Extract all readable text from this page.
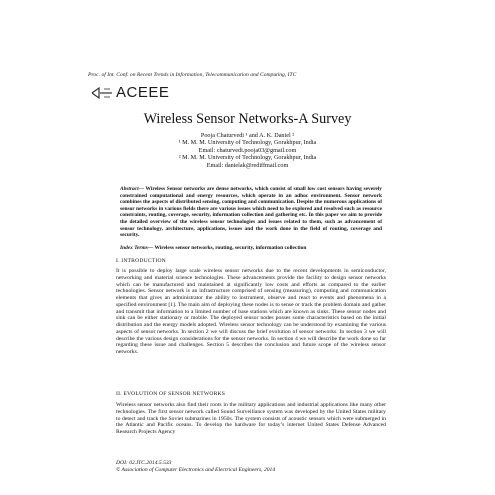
Proc. of Int. Conf. on Recent Trends in Information, Telecommunication and Computing, ITC
ACEEE
Wireless Sensor Networks-A Survey
Pooja Chaturvedi ¹ and A. K. Daniel ²
¹ M. M. M. University of Technology, Gorakhpur, India
Email: chaturvedi.pooja03@gmail.com
² M. M. M. University of Technology, Gorakhpur, India
Email: danielak@rediffmail.com
Abstract— Wireless Sensor networks are dense networks, which consist of small low cost sensors having severely constrained computational and energy resources, which operate in an adhoc environment. Sensor network combines the aspects of distributed sensing, computing and communication. Despite the numerous applications of sensor networks in various fields there are various issues which need to be explored and resolved such as resource constraints, routing, coverage, security, information collection and gathering etc. In this paper we aim to provide the detailed overview of the wireless sensor technologies and issues related to them, such as advancement of sensor technology, architecture, applications, issues and the work done in the field of routing, coverage and security.
Index Terms— Wireless sensor networks, routing, security, information collection
I. INTRODUCTION
It is possible to deploy large scale wireless sensor networks due to the recent developments in semiconductor, networking and material science technologies. These advancements provide the facility to design sensor networks which can be manufactured and maintained at significantly low costs and efforts as compared to the earlier technologies. Sensor network is an infrastructure comprised of sensing (measuring), computing and communication elements that gives an administrator the ability to instrument, observe and react to events and phenomena in a specified environment [1]. The main aim of deploying these nodes is to sense or track the problem domain and gather and transmit that information to a limited number of base stations which are known as sinks. These sensor nodes and sink can be either stationary or mobile. The deployed sensor nodes posses some characteristics based on the initial distribution and the energy models adopted. Wireless sensor technology can be understood by examining the various aspects of sensor networks. In section 2 we will discuss the brief evolution of sensor networks. In section 3 we will describe the various design considerations for the sensor networks. In section 4 we will describe the work done so far regarding these issue and challenges. Section 5 describes the conclusion and future scope of the wireless sensor networks.
II. EVOLUTION OF SENSOR NETWORKS
Wireless sensor networks also find their roots in the military applications and industrial applications like many other technologies. The first sensor network called Sound Surveillance system was developed by the United States military to detect and track the Soviet submarines in 1950s. The system consists of acoustic sensors which were submerged in the Atlantic and Pacific oceans. To develop the hardware for today’s internet United States Defense Advanced Research Projects Agency
DOI: 02.ITC.2014.5.533
© Association of Computer Electronics and Electrical Engineers, 2014
